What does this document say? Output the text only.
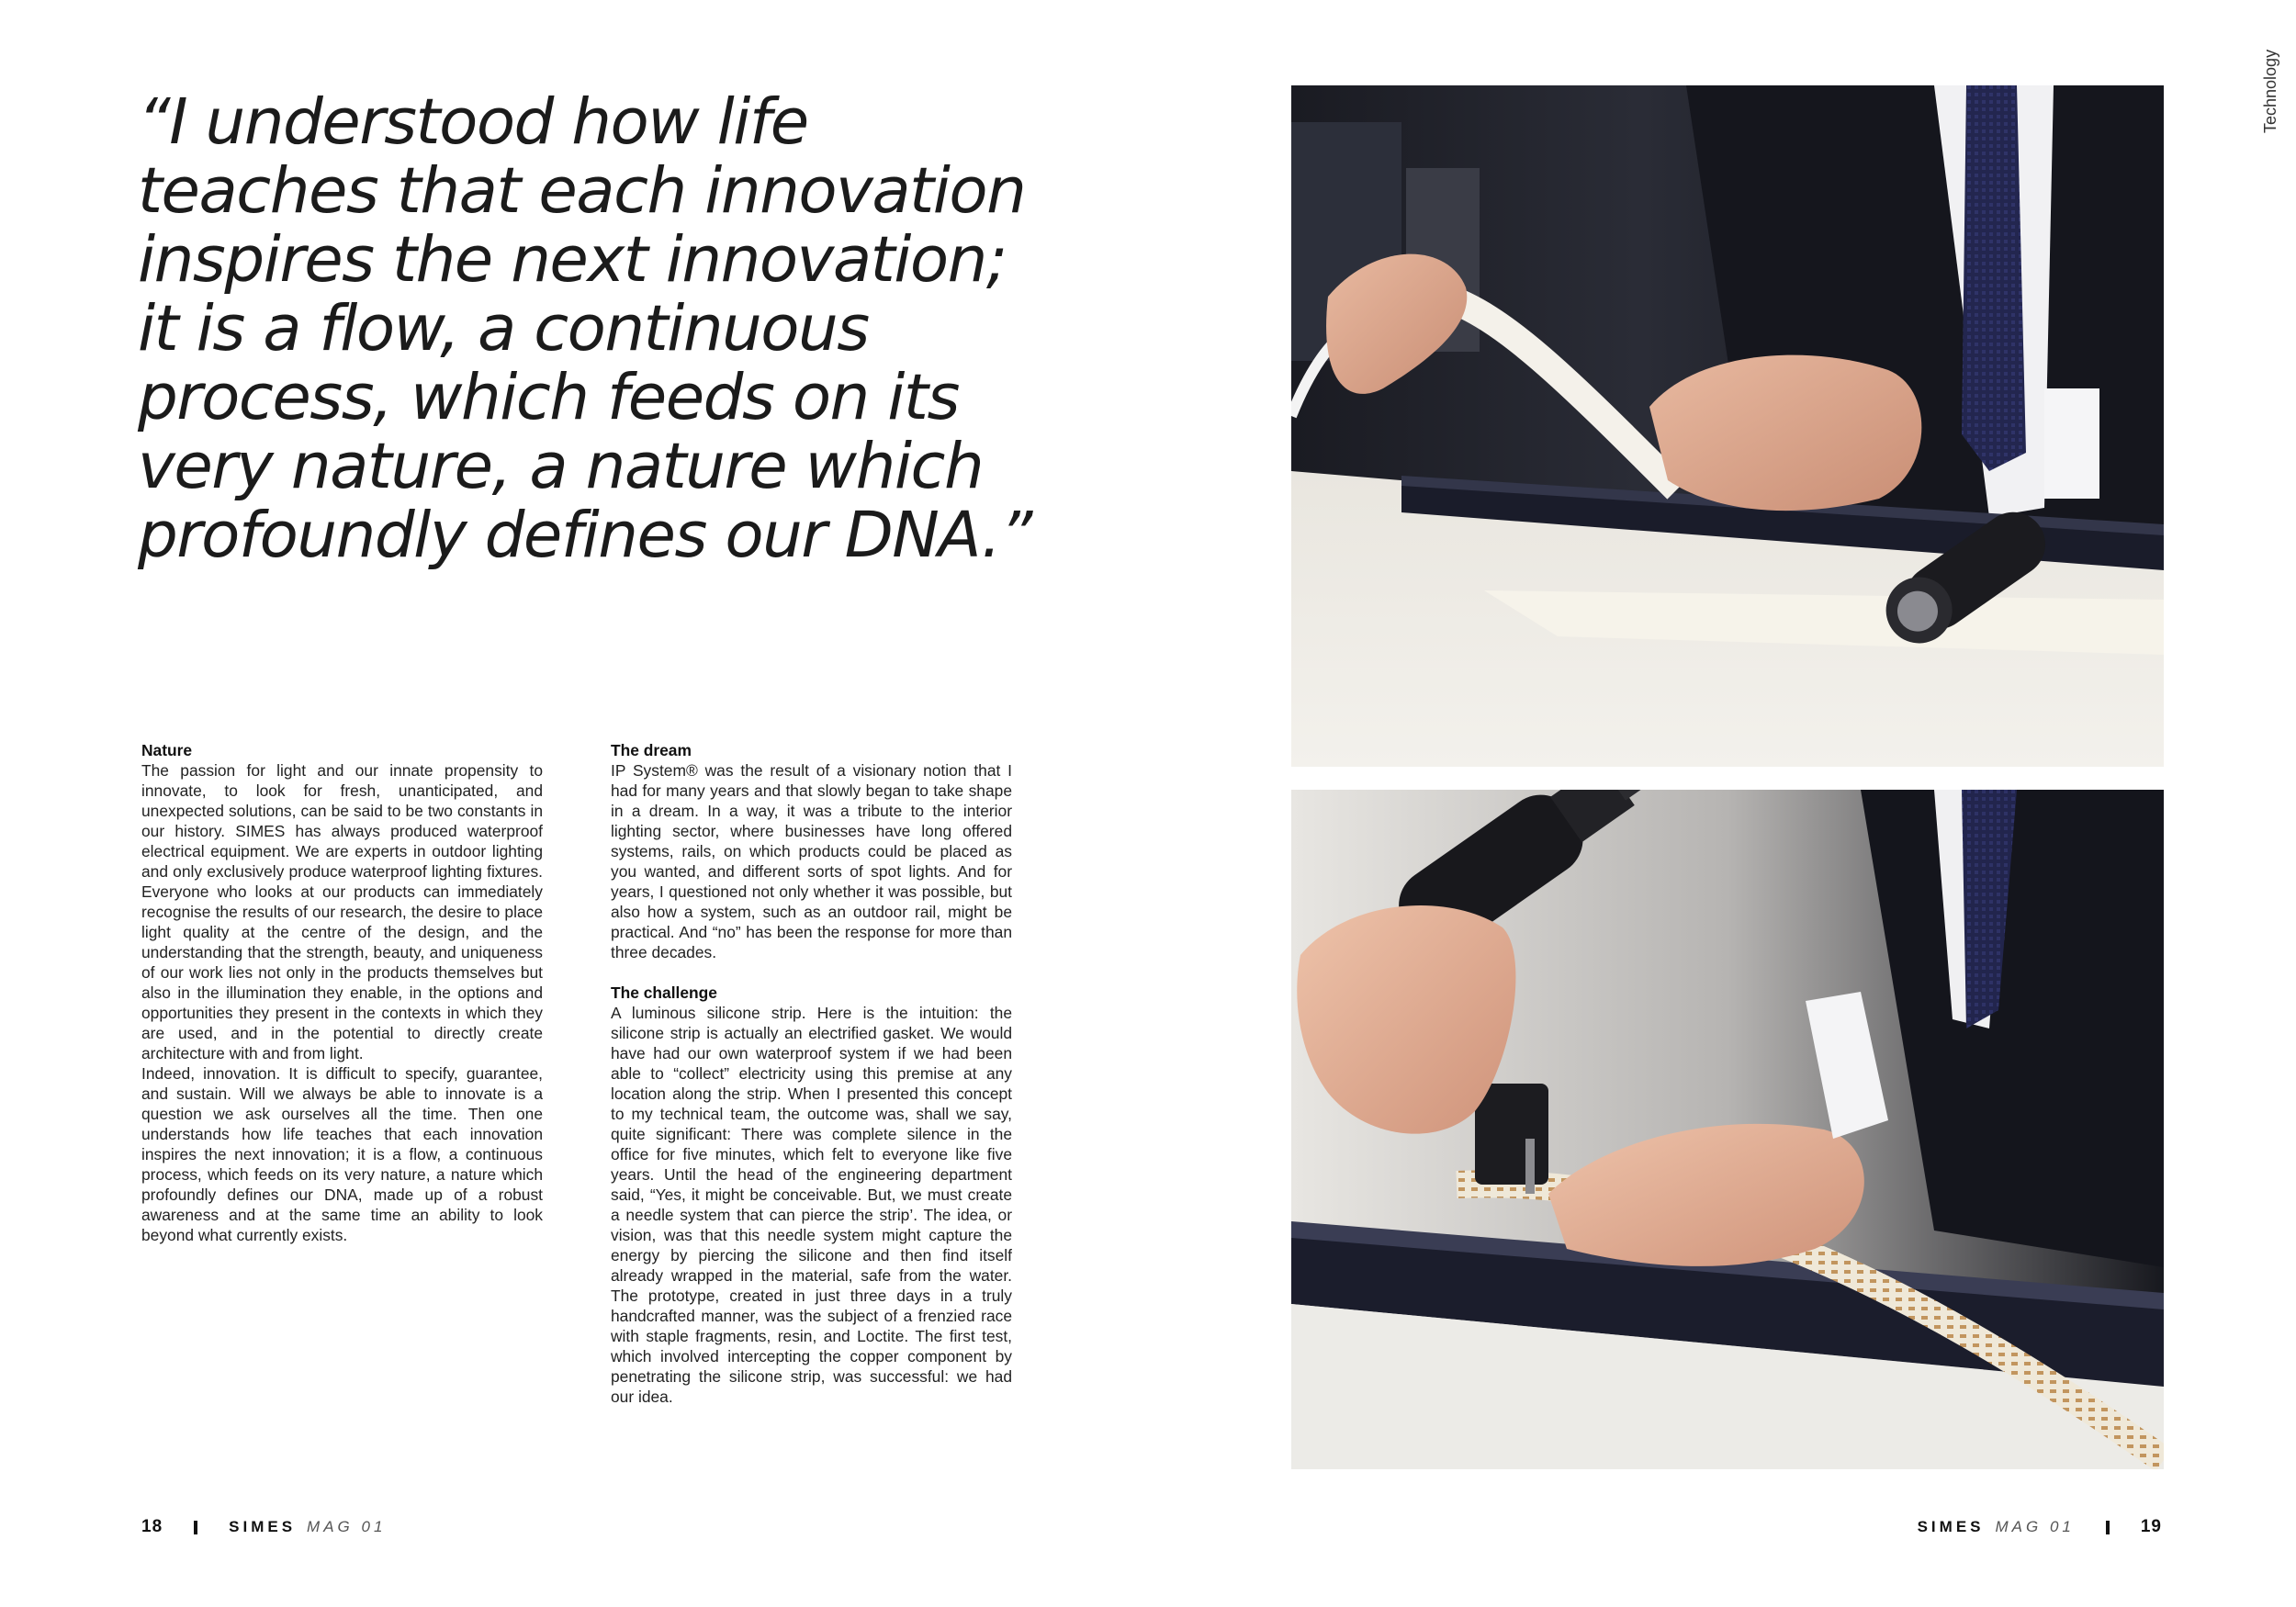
“I understood how life
teaches that each innovation
inspires the next innovation;
it is a flow, a continuous
process, which feeds on its
very nature, a nature which
profoundly defines our DNA.”
Nature

The passion for light and our innate propensity to innovate, to look for fresh, unanticipated, and unexpected solutions, can be said to be two constants in our history. SIMES has always produced waterproof electrical equipment. We are experts in outdoor lighting and only exclusively produce waterproof lighting fixtures. Everyone who looks at our products can immediately recognise the results of our research, the desire to place light quality at the centre of the design, and the understanding that the strength, beauty, and uniqueness of our work lies not only in the products themselves but also in the illumination they enable, in the options and opportunities they present in the contexts in which they are used, and in the potential to directly create architecture with and from light.

Indeed, innovation. It is difficult to specify, guarantee, and sustain. Will we always be able to innovate is a question we ask ourselves all the time. Then one understands how life teaches that each innovation inspires the next innovation; it is a flow, a continuous process, which feeds on its very nature, a nature which profoundly defines our DNA, made up of a robust awareness and at the same time an ability to look beyond what currently exists.

The dream

IP System® was the result of a visionary notion that I had for many years and that slowly began to take shape in a dream. In a way, it was a tribute to the interior lighting sector, where businesses have long offered systems, rails, on which products could be placed as you wanted, and different sorts of spot lights. And for years, I questioned not only whether it was possible, but also how a system, such as an outdoor rail, might be practical. And “no” has been the response for more than three decades.

The challenge

A luminous silicone strip. Here is the intuition: the silicone strip is actually an electrified gasket. We would have had our own waterproof system if we had been able to “collect” electricity using this premise at any location along the strip. When I presented this concept to my technical team, the outcome was, shall we say, quite significant: There was complete silence in the office for five minutes, which felt to everyone like five years. Until the head of the engineering department said, “Yes, it might be conceivable. But, we must create a needle system that can pierce the strip’. The idea, or vision, was that this needle system might capture the energy by piercing the silicone and then find itself already wrapped in the material, safe from the water. The prototype, created in just three days in a truly handcrafted manner, was the subject of a frenzied race with staple fragments, resin, and Loctite. The first test, which involved intercepting the copper component by penetrating the silicone strip, was successful: we had our idea.

Technology
18	SIMES MAG 01	SIMES MAG 01	19
